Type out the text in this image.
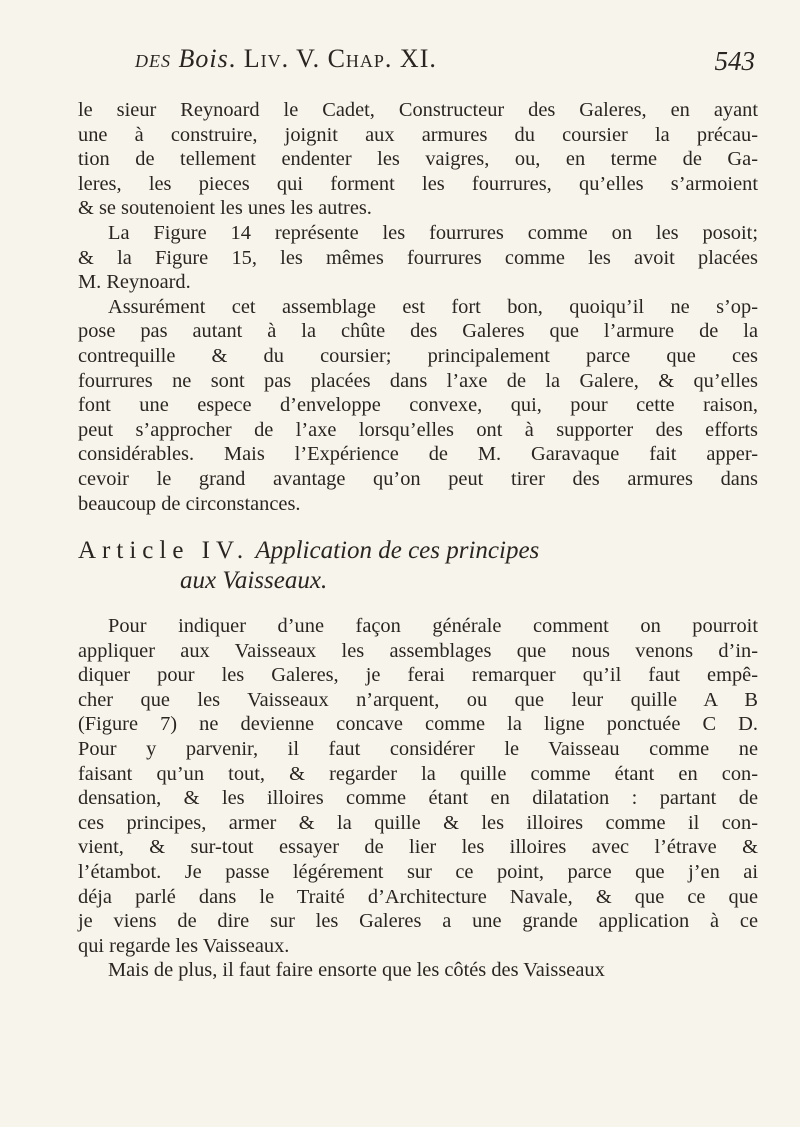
des Bois. Liv. V. Chap. XI.	543

le sieur Reynoard le Cadet, Constructeur des Galeres, en ayant
une à construire, joignit aux armures du coursier la précau-
tion de tellement endenter les vaigres, ou, en terme de Ga-
leres, les pieces qui forment les fourrures, qu’elles s’armoient
& se soutenoient les unes les autres.

La Figure 14 représente les fourrures comme on les posoit;
& la Figure 15, les mêmes fourrures comme les avoit placées
M. Reynoard.

Assurément cet assemblage est fort bon, quoiqu’il ne s’op-
pose pas autant à la chûte des Galeres que l’armure de la
contrequille & du coursier; principalement parce que ces
fourrures ne sont pas placées dans l’axe de la Galere, & qu’elles
font une espece d’enveloppe convexe, qui, pour cette raison,
peut s’approcher de l’axe lorsqu’elles ont à supporter des efforts
considérables. Mais l’Expérience de M. Garavaque fait apper-
cevoir le grand avantage qu’on peut tirer des armures dans
beaucoup de circonstances.

Article IV. Application de ces principes
aux Vaisseaux.

Pour indiquer d’une façon générale comment on pourroit
appliquer aux Vaisseaux les assemblages que nous venons d’in-
diquer pour les Galeres, je ferai remarquer qu’il faut empê-
cher que les Vaisseaux n’arquent, ou que leur quille A B
(Figure 7) ne devienne concave comme la ligne ponctuée C D.
Pour y parvenir, il faut considérer le Vaisseau comme ne
faisant qu’un tout, & regarder la quille comme étant en con-
densation, & les illoires comme étant en dilatation : partant de
ces principes, armer & la quille & les illoires comme il con-
vient, & sur-tout essayer de lier les illoires avec l’étrave &
l’étambot. Je passe légérement sur ce point, parce que j’en ai
déja parlé dans le Traité d’Architecture Navale, & que ce que
je viens de dire sur les Galeres a une grande application à ce
qui regarde les Vaisseaux.

Mais de plus, il faut faire ensorte que les côtés des Vaisseaux
